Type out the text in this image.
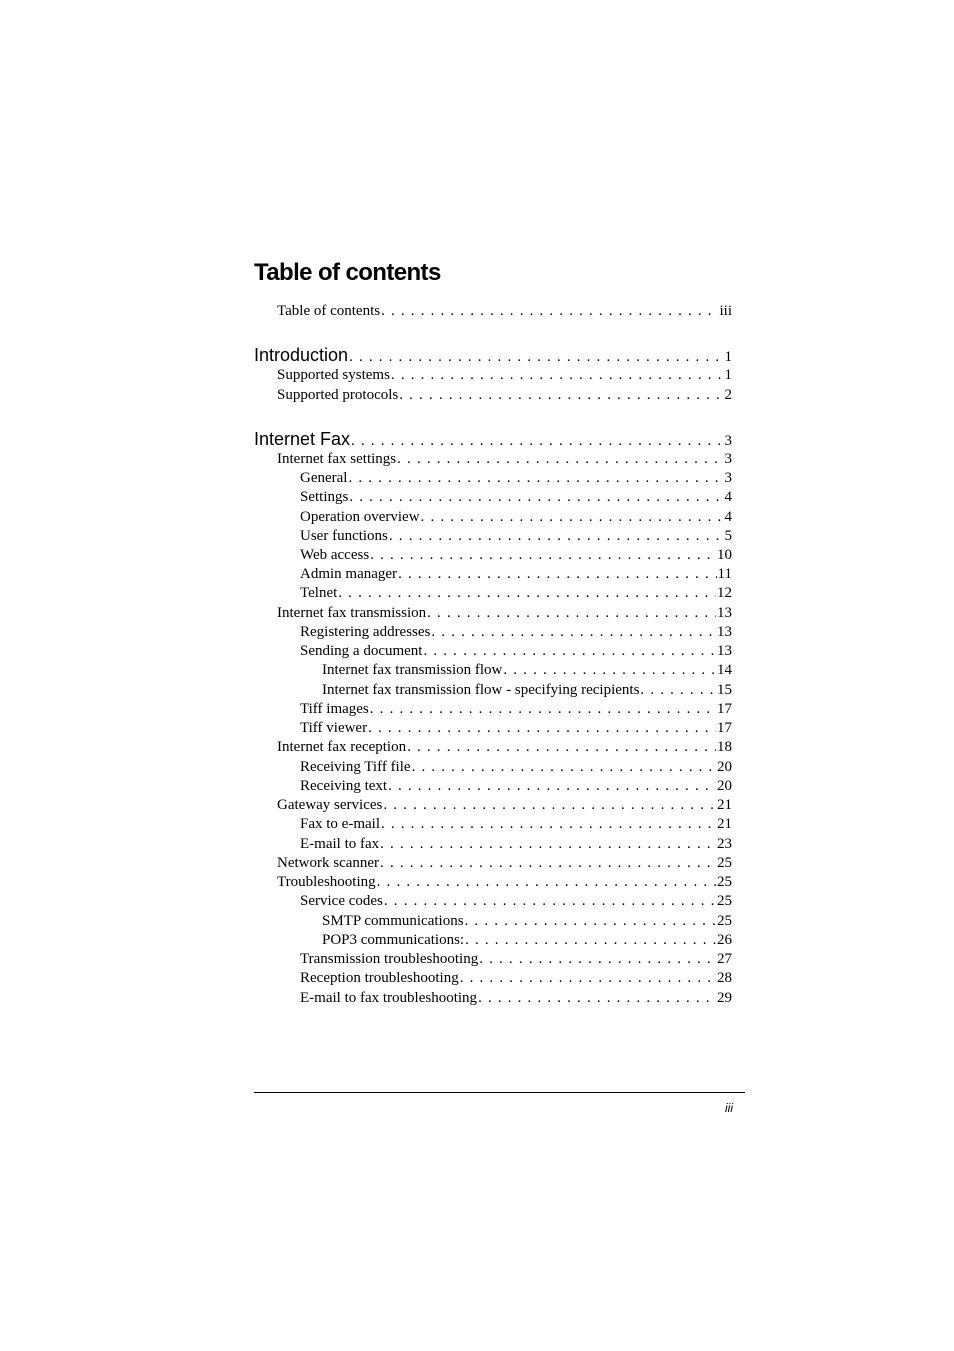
Table of contents
Table of contents . . .	iii
Introduction . . .	1
Supported systems . . .	1
Supported protocols . . .	2
Internet Fax . . .	3
Internet fax settings . . .	3
General . . .	3
Settings . . .	4
Operation overview . . .	4
User functions . . .	5
Web access . . .	10
Admin manager . . .	11
Telnet . . .	12
Internet fax transmission . . .	13
Registering addresses . . .	13
Sending a document . . .	13
Internet fax transmission flow . . .	14
Internet fax transmission flow - specifying recipients . . .	15
Tiff images . . .	17
Tiff viewer . . .	17
Internet fax reception . . .	18
Receiving Tiff file . . .	20
Receiving text . . .	20
Gateway services . . .	21
Fax to e-mail . . .	21
E-mail to fax . . .	23
Network scanner . . .	25
Troubleshooting . . .	25
Service codes . . .	25
SMTP communications . . .	25
POP3 communications: . . .	26
Transmission troubleshooting . . .	27
Reception troubleshooting . . .	28
E-mail to fax troubleshooting . . .	29
iii
